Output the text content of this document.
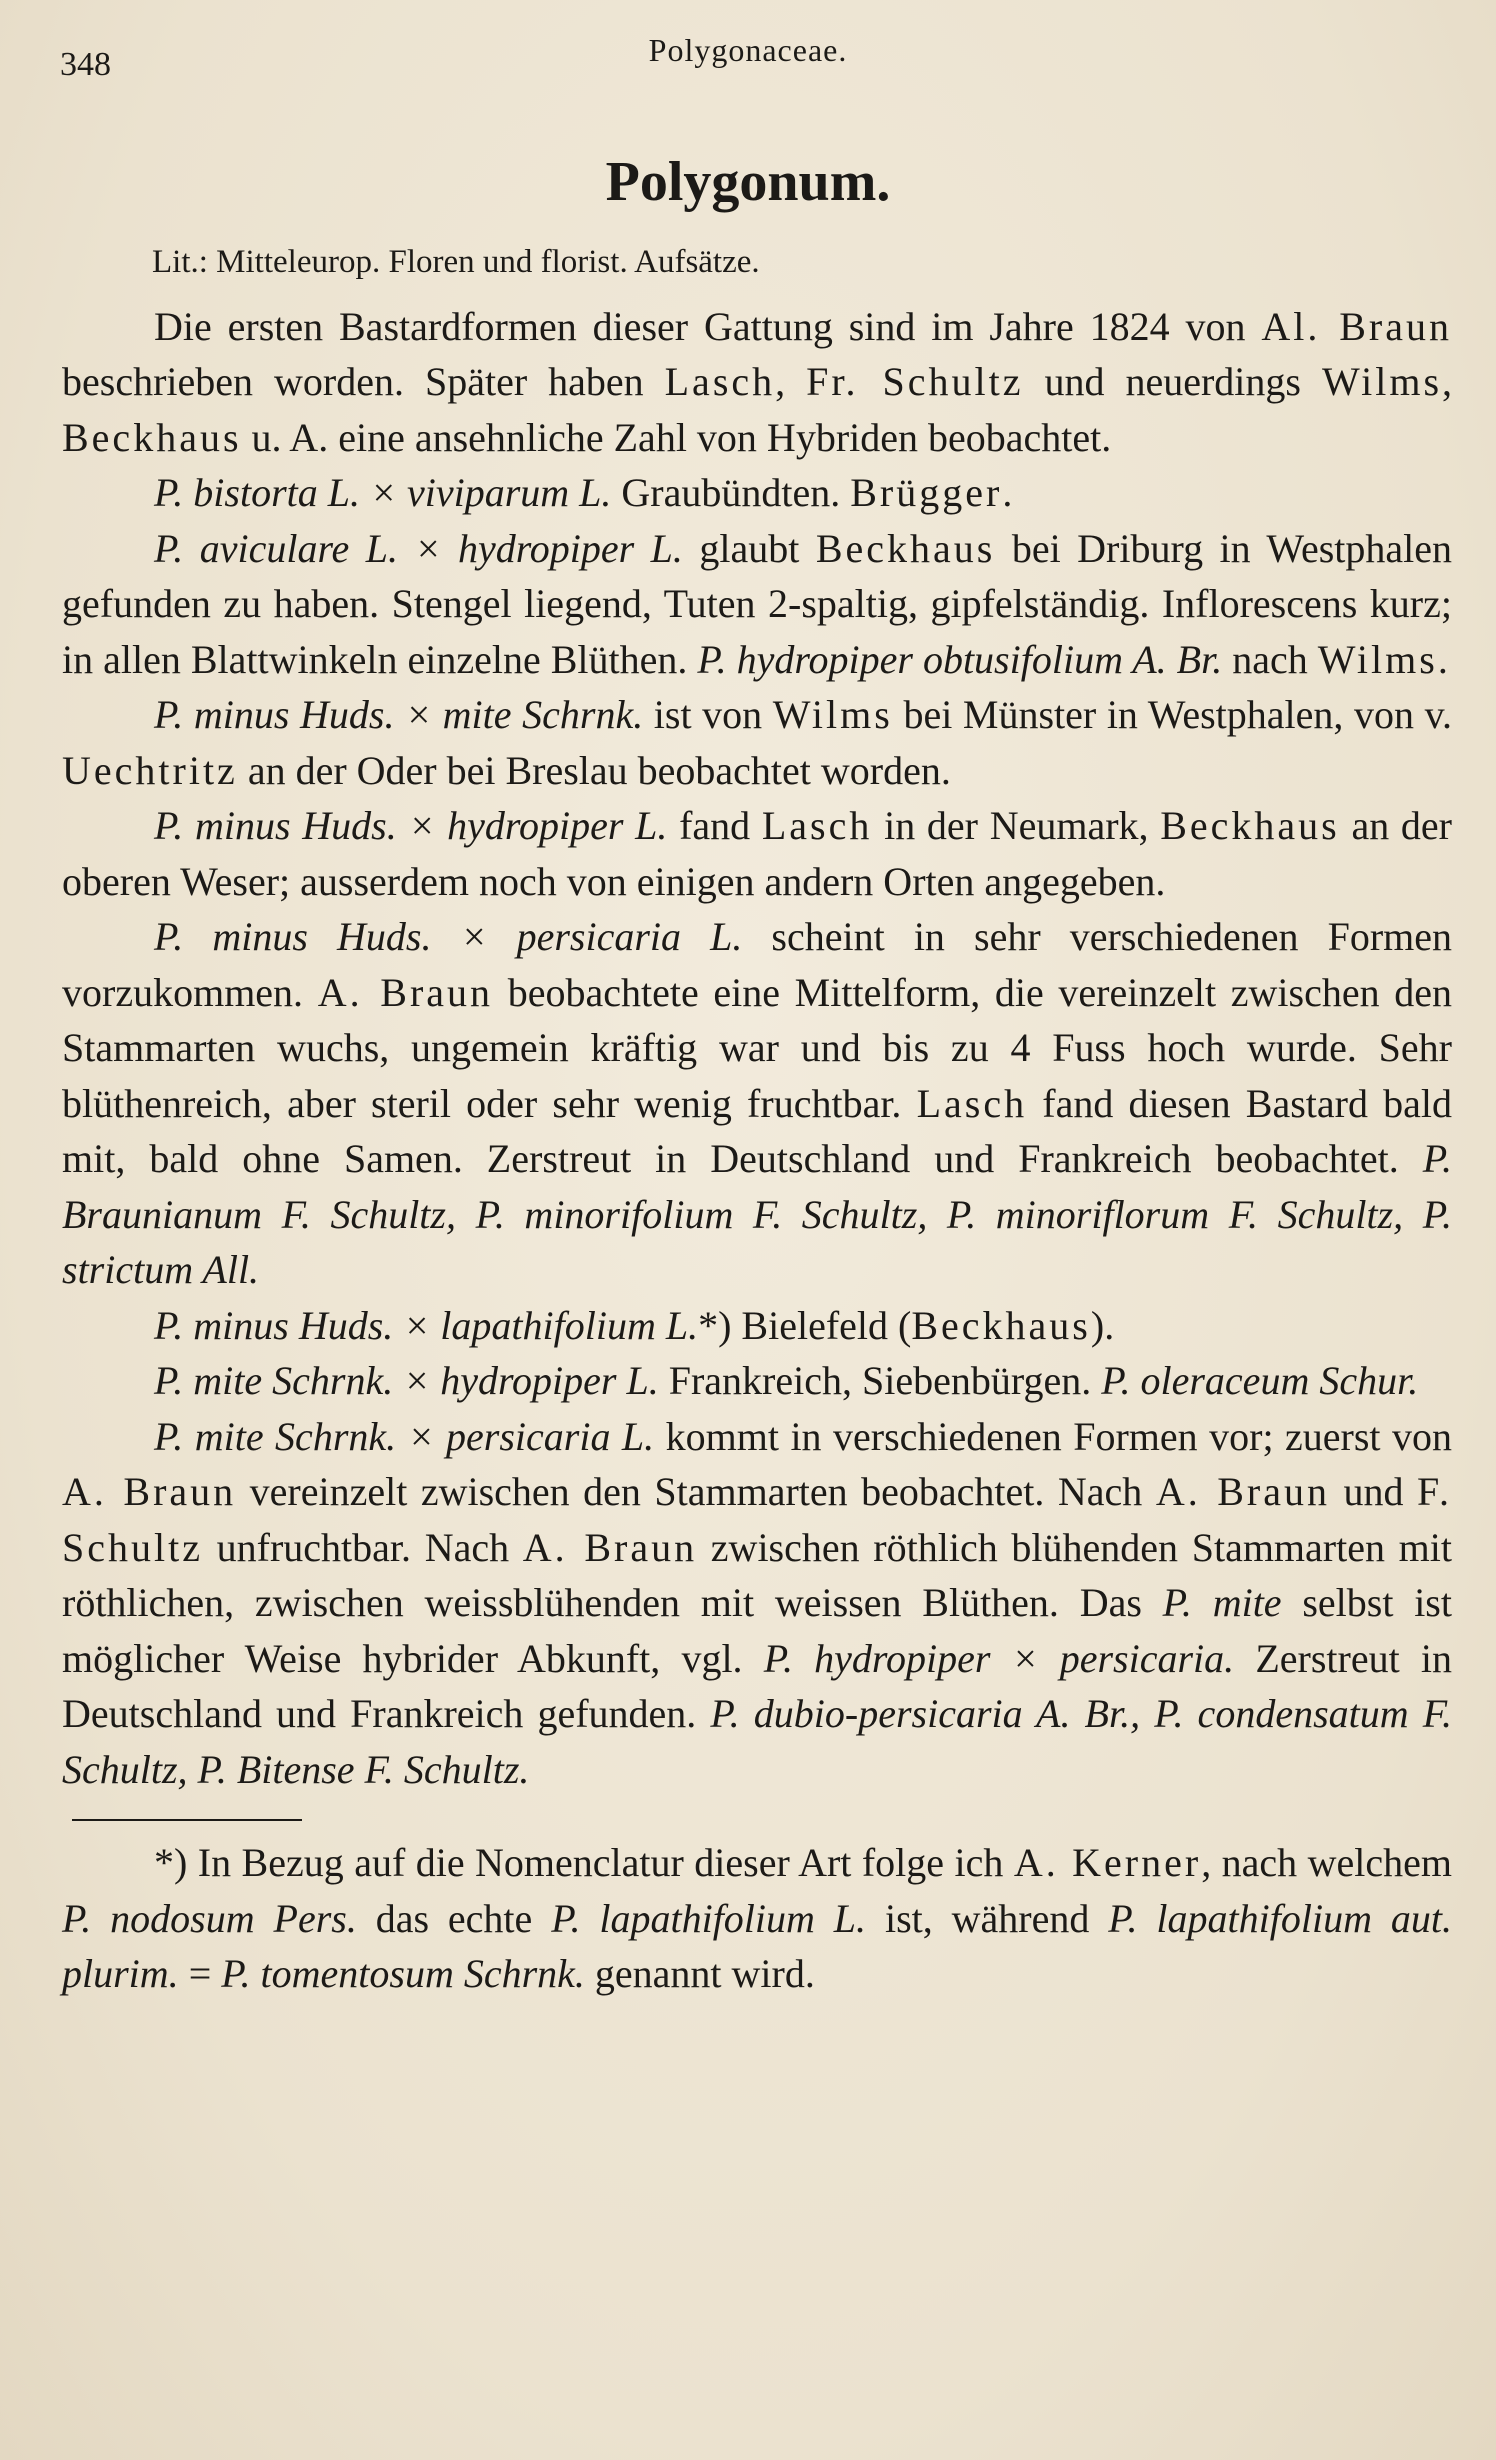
348	Polygonaceae.
Polygonum.
Lit.: Mitteleurop. Floren und florist. Aufsätze.

Die ersten Bastardformen dieser Gattung sind im Jahre 1824 von Al. Braun beschrieben worden. Später haben Lasch, Fr. Schultz und neuerdings Wilms, Beckhaus u. A. eine ansehnliche Zahl von Hybriden beobachtet.

P. bistorta L. × viviparum L. Graubündten. Brügger.

P. aviculare L. × hydropiper L. glaubt Beckhaus bei Driburg in Westphalen gefunden zu haben. Stengel liegend, Tuten 2-spaltig, gipfelständig. Inflorescens kurz; in allen Blattwinkeln einzelne Blüthen. P. hydropiper obtusifolium A. Br. nach Wilms.

P. minus Huds. × mite Schrnk. ist von Wilms bei Münster in Westphalen, von v. Uechtritz an der Oder bei Breslau beobachtet worden.

P. minus Huds. × hydropiper L. fand Lasch in der Neumark, Beckhaus an der oberen Weser; ausserdem noch von einigen andern Orten angegeben.

P. minus Huds. × persicaria L. scheint in sehr verschiedenen Formen vorzukommen. A. Braun beobachtete eine Mittelform, die vereinzelt zwischen den Stammarten wuchs, ungemein kräftig war und bis zu 4 Fuss hoch wurde. Sehr blüthenreich, aber steril oder sehr wenig fruchtbar. Lasch fand diesen Bastard bald mit, bald ohne Samen. Zerstreut in Deutschland und Frankreich beobachtet. P. Braunianum F. Schultz, P. minorifolium F. Schultz, P. minoriflorum F. Schultz, P. strictum All.

P. minus Huds. × lapathifolium L.*) Bielefeld (Beckhaus).

P. mite Schrnk. × hydropiper L. Frankreich, Siebenbürgen. P. oleraceum Schur.

P. mite Schrnk. × persicaria L. kommt in verschiedenen Formen vor; zuerst von A. Braun vereinzelt zwischen den Stammarten beobachtet. Nach A. Braun und F. Schultz unfruchtbar. Nach A. Braun zwischen röthlich blühenden Stammarten mit röthlichen, zwischen weissblühenden mit weissen Blüthen. Das P. mite selbst ist möglicher Weise hybrider Abkunft, vgl. P. hydropiper × persicaria. Zerstreut in Deutschland und Frankreich gefunden. P. dubio-persicaria A. Br., P. condensatum F. Schultz, P. Bitense F. Schultz.

*) In Bezug auf die Nomenclatur dieser Art folge ich A. Kerner, nach welchem P. nodosum Pers. das echte P. lapathifolium L. ist, während P. lapathifolium aut. plurim. = P. tomentosum Schrnk. genannt wird.
